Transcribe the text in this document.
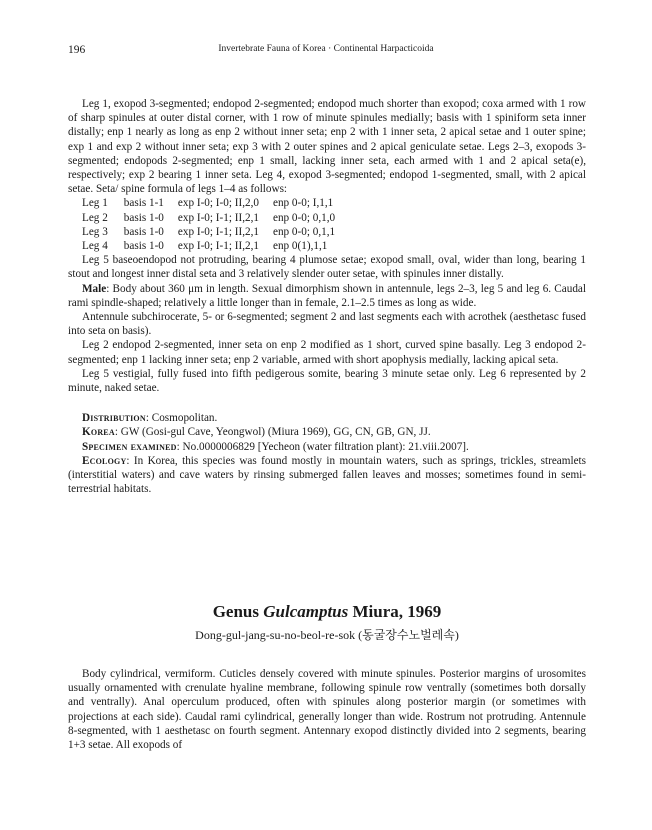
196	Invertebrate Fauna of Korea · Continental Harpacticoida

Leg 1, exopod 3-segmented; endopod 2-segmented; endopod much shorter than exopod; coxa armed with 1 row of sharp spinules at outer distal corner, with 1 row of minute spinules medially; basis with 1 spiniform seta inner distally; enp 1 nearly as long as enp 2 without inner seta; enp 2 with 1 inner seta, 2 apical setae and 1 outer spine; exp 1 and exp 2 without inner seta; exp 3 with 2 outer spines and 2 apical geniculate setae. Legs 2–3, exopods 3-segmented; endopods 2-segmented; enp 1 small, lacking inner seta, each armed with 1 and 2 apical seta(e), respectively; exp 2 bearing 1 inner seta. Leg 4, exopod 3-segmented; endopod 1-segmented, small, with 2 apical setae. Seta/ spine formula of legs 1–4 as follows:

Leg 1	basis 1-1	exp I-0; I-0; II,2,0	enp 0-0; I,1,1
Leg 2	basis 1-0	exp I-0; I-1; II,2,1	enp 0-0; 0,1,0
Leg 3	basis 1-0	exp I-0; I-1; II,2,1	enp 0-0; 0,1,1
Leg 4	basis 1-0	exp I-0; I-1; II,2,1	enp 0(1),1,1

Leg 5 baseoendopod not protruding, bearing 4 plumose setae; exopod small, oval, wider than long, bearing 1 stout and longest inner distal seta and 3 relatively slender outer setae, with spinules inner distally.

Male: Body about 360 μm in length. Sexual dimorphism shown in antennule, legs 2–3, leg 5 and leg 6. Caudal rami spindle-shaped; relatively a little longer than in female, 2.1–2.5 times as long as wide.

Antennule subchirocerate, 5- or 6-segmented; segment 2 and last segments each with acrothek (aesthetasc fused into seta on basis).

Leg 2 endopod 2-segmented, inner seta on enp 2 modified as 1 short, curved spine basally. Leg 3 endopod 2-segmented; enp 1 lacking inner seta; enp 2 variable, armed with short apophysis medially, lacking apical seta.

Leg 5 vestigial, fully fused into fifth pedigerous somite, bearing 3 minute setae only. Leg 6 represented by 2 minute, naked setae.

Distribution: Cosmopolitan.

Korea: GW (Gosi-gul Cave, Yeongwol) (Miura 1969), GG, CN, GB, GN, JJ.

Specimen examined: No.0000006829 [Yecheon (water filtration plant): 21.viii.2007].

Ecology: In Korea, this species was found mostly in mountain waters, such as springs, trickles, streamlets (interstitial waters) and cave waters by rinsing submerged fallen leaves and mosses; sometimes found in semi-terrestrial habitats.

Genus Gulcamptus Miura, 1969
Dong-gul-jang-su-no-beol-re-sok (동굴장수노벌레속)

Body cylindrical, vermiform. Cuticles densely covered with minute spinules. Posterior margins of urosomites usually ornamented with crenulate hyaline membrane, following spinule row ventrally (sometimes both dorsally and ventrally). Anal operculum produced, often with spinules along posterior margin (or sometimes with projections at each side). Caudal rami cylindrical, generally longer than wide. Rostrum not protruding. Antennule 8-segmented, with 1 aesthetasc on fourth segment. Antennary exopod distinctly divided into 2 segments, bearing 1+3 setae. All exopods of
